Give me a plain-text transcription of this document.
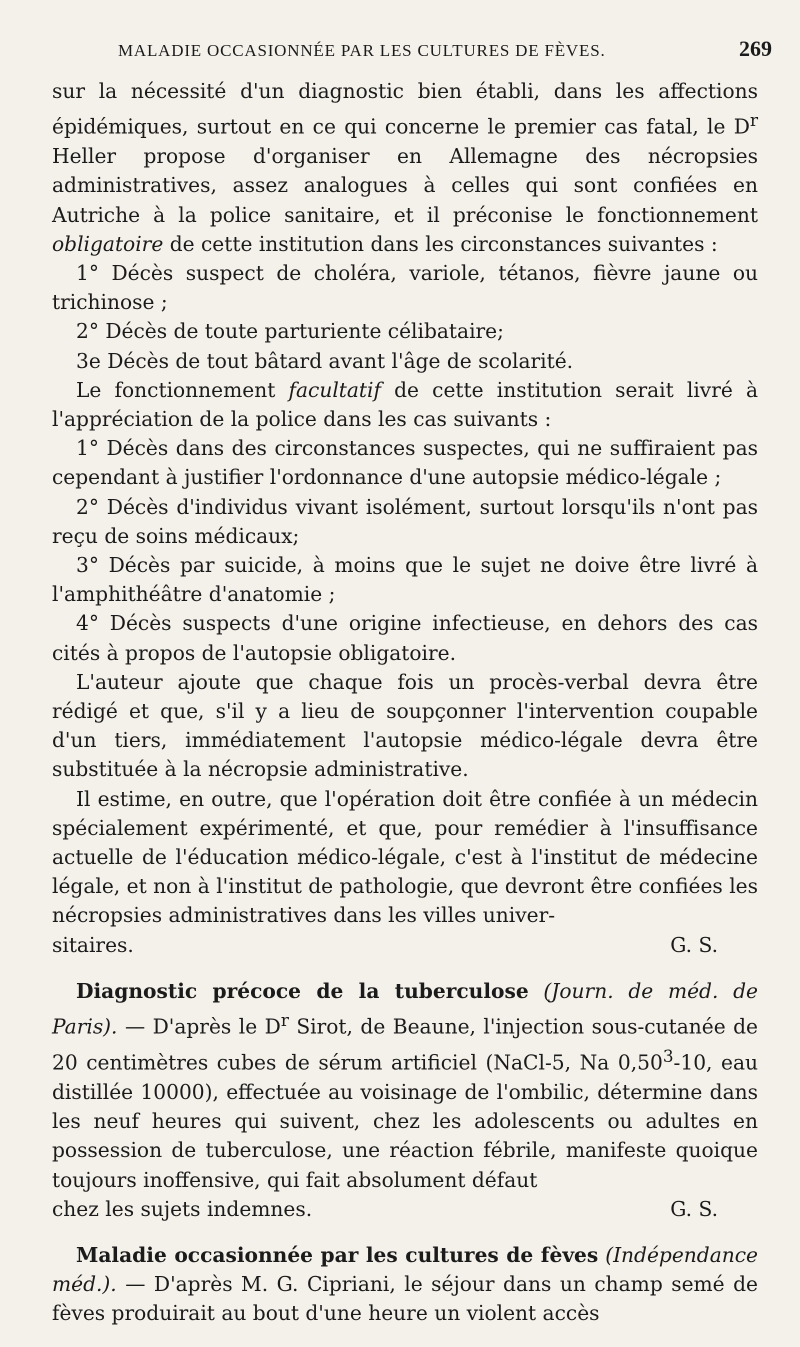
MALADIE OCCASIONNÉE PAR LES CULTURES DE FÈVES.	269

sur la nécessité d'un diagnostic bien établi, dans les affections épidémiques, surtout en ce qui concerne le premier cas fatal, le $D^r$ Heller propose d'organiser en Allemagne des nécropsies administratives, assez analogues à celles qui sont confiées en Autriche à la police sanitaire, et il préconise le fonctionnement obligatoire de cette institution dans les circonstances suivantes :

1° Décès suspect de choléra, variole, tétanos, fièvre jaune ou trichinose ;

2° Décès de toute parturiente célibataire;

3e Décès de tout bâtard avant l'âge de scolarité.

Le fonctionnement facultatif de cette institution serait livré à l'appréciation de la police dans les cas suivants :

1° Décès dans des circonstances suspectes, qui ne suffiraient pas cependant à justifier l'ordonnance d'une autopsie médico-légale ;

2° Décès d'individus vivant isolément, surtout lorsqu'ils n'ont pas reçu de soins médicaux;

3° Décès par suicide, à moins que le sujet ne doive être livré à l'amphithéâtre d'anatomie ;

4° Décès suspects d'une origine infectieuse, en dehors des cas cités à propos de l'autopsie obligatoire.

L'auteur ajoute que chaque fois un procès-verbal devra être rédigé et que, s'il y a lieu de soupçonner l'intervention coupable d'un tiers, immédiatement l'autopsie médico-légale devra être substituée à la nécropsie administrative.

Il estime, en outre, que l'opération doit être confiée à un médecin spécialement expérimenté, et que, pour remédier à l'insuffisance actuelle de l'éducation médico-légale, c'est à l'institut de médecine légale, et non à l'institut de pathologie, que devront être confiées les nécropsies administratives dans les villes univer-

sitaires.	G. S.

Diagnostic précoce de la tuberculose (Journ. de méd. de Paris). — D'après le $D^r$ Sirot, de Beaune, l'injection sous-cutanée de 20 centimètres cubes de sérum artificiel (NaCl-5, Na 0,50$^3$-10, eau distillée 10000), effectuée au voisinage de l'ombilic, détermine dans les neuf heures qui suivent, chez les adolescents ou adultes en possession de tuberculose, une réaction fébrile, manifeste quoique toujours inoffensive, qui fait absolument défaut

chez les sujets indemnes.	G. S.

Maladie occasionnée par les cultures de fèves (Indépendance méd.). — D'après M. G. Cipriani, le séjour dans un champ semé de fèves produirait au bout d'une heure un violent accès
